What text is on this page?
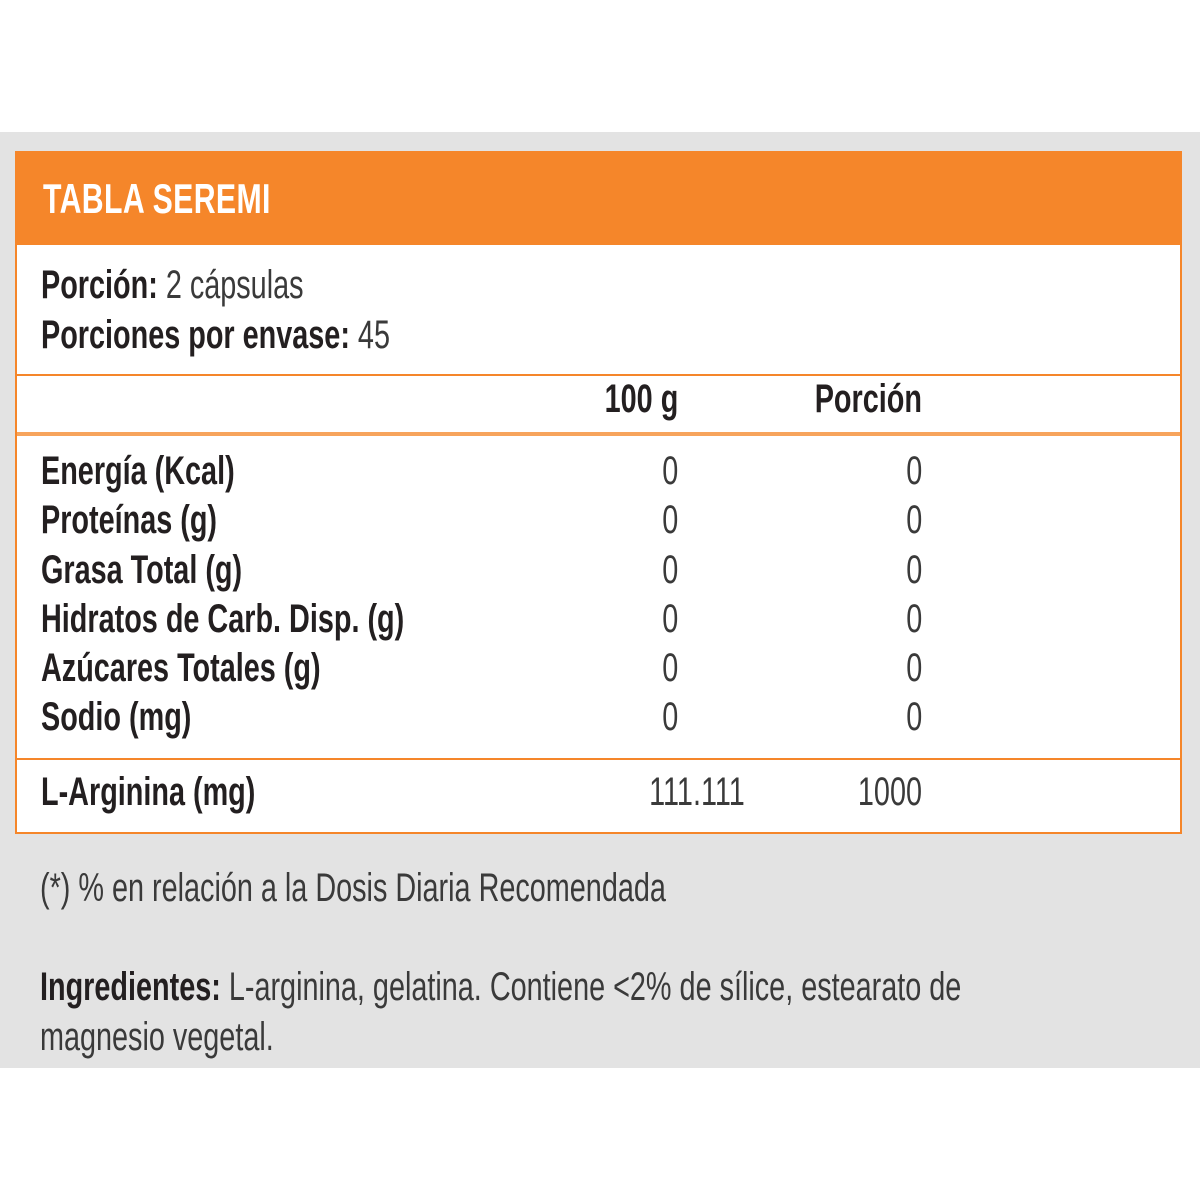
TABLA SEREMI
Porción: 2 cápsulas
Porciones por envase: 45
100 g	Porción
Energía (Kcal)	0	0
Proteínas (g)	0	0
Grasa Total (g)	0	0
Hidratos de Carb. Disp. (g)	0	0
Azúcares Totales (g)	0	0
Sodio (mg)	0	0
L-Arginina (mg)	111.111	1000
(*) % en relación a la Dosis Diaria Recomendada
Ingredientes: L-arginina, gelatina. Contiene <2% de sílice, estearato de
magnesio vegetal.
